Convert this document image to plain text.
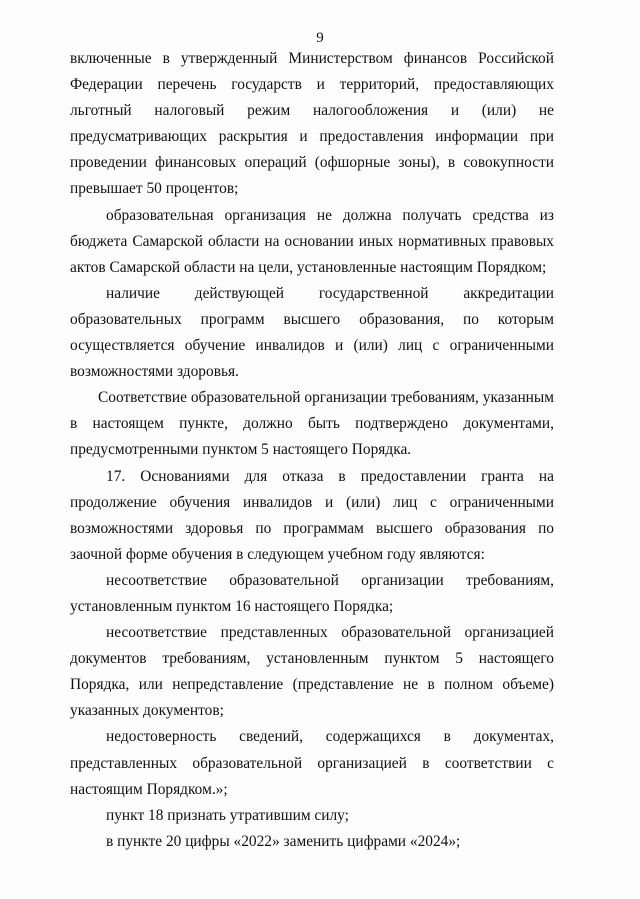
9

включенные в утвержденный Министерством финансов Российской Федерации перечень государств и территорий, предоставляющих льготный налоговый режим налогообложения и (или) не предусматривающих раскрытия и предоставления информации при проведении финансовых операций (офшорные зоны), в совокупности превышает 50 процентов;

образовательная организация не должна получать средства из бюджета Самарской области на основании иных нормативных правовых актов Самарской области на цели, установленные настоящим Порядком;

наличие действующей государственной аккредитации образовательных программ высшего образования, по которым осуществляется обучение инвалидов и (или) лиц с ограниченными возможностями здоровья.

Соответствие образовательной организации требованиям, указанным в настоящем пункте, должно быть подтверждено документами, предусмотренными пунктом 5 настоящего Порядка.

17. Основаниями для отказа в предоставлении гранта на продолжение обучения инвалидов и (или) лиц с ограниченными возможностями здоровья по программам высшего образования по заочной форме обучения в следующем учебном году являются:

несоответствие образовательной организации требованиям, установленным пунктом 16 настоящего Порядка;

несоответствие представленных образовательной организацией документов требованиям, установленным пунктом 5 настоящего Порядка, или непредставление (представление не в полном объеме) указанных документов;

недостоверность сведений, содержащихся в документах, представленных образовательной организацией в соответствии с настоящим Порядком.»;

пункт 18 признать утратившим силу;

в пункте 20 цифры «2022» заменить цифрами «2024»;
